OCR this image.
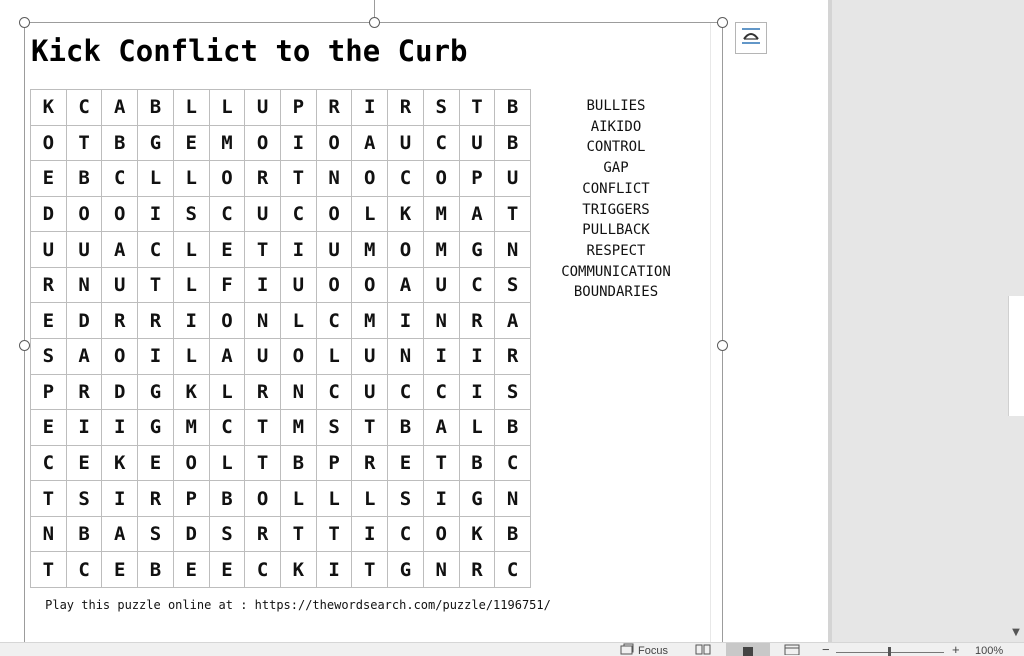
Kick Conflict to the Curb
K	C	A	B	L	L	U	P	R	I	R	S	T	B
O	T	B	G	E	M	O	I	O	A	U	C	U	B
E	B	C	L	L	O	R	T	N	O	C	O	P	U
D	O	O	I	S	C	U	C	O	L	K	M	A	T
U	U	A	C	L	E	T	I	U	M	O	M	G	N
R	N	U	T	L	F	I	U	O	O	A	U	C	S
E	D	R	R	I	O	N	L	C	M	I	N	R	A
S	A	O	I	L	A	U	O	L	U	N	I	I	R
P	R	D	G	K	L	R	N	C	U	C	C	I	S
E	I	I	G	M	C	T	M	S	T	B	A	L	B
C	E	K	E	O	L	T	B	P	R	E	T	B	C
T	S	I	R	P	B	O	L	L	L	S	I	G	N
N	B	A	S	D	S	R	T	T	I	C	O	K	B
T	C	E	B	E	E	C	K	I	T	G	N	R	C
BULLIES
AIKIDO
CONTROL
GAP
CONFLICT
TRIGGERS
PULLBACK
RESPECT
COMMUNICATION
BOUNDARIES
Play this puzzle online at : https://thewordsearch.com/puzzle/1196751/
▼
Focus	−	+ 100%
